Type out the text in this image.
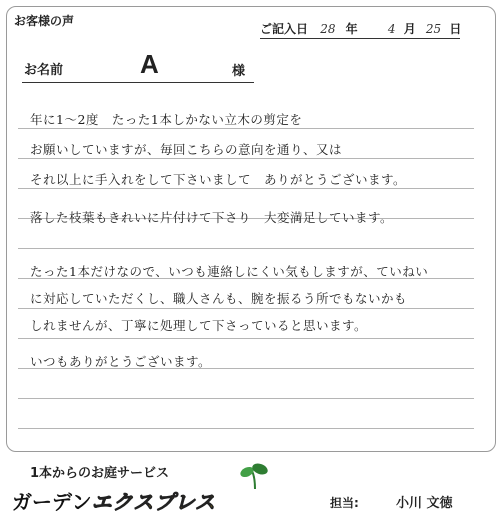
お客様の声
ご記入日 28 年	4 月 25 日
お名前	A	様
年に1〜2度　たった1本しかない立木の剪定を
お願いしていますが、毎回こちらの意向を通り、又は
それ以上に手入れをして下さいまして　ありがとうございます。
落した枝葉もきれいに片付けて下さり　大変満足しています。
たった1本だけなので、いつも連絡しにくい気もしますが、ていねい
に対応していただくし、職人さんも、腕を振るう所でもないかも
しれませんが、丁寧に処理して下さっていると思います。
いつもありがとうございます。
1本からのお庭サービス
ガーデンエクスプレス	担当:	小川 文徳
